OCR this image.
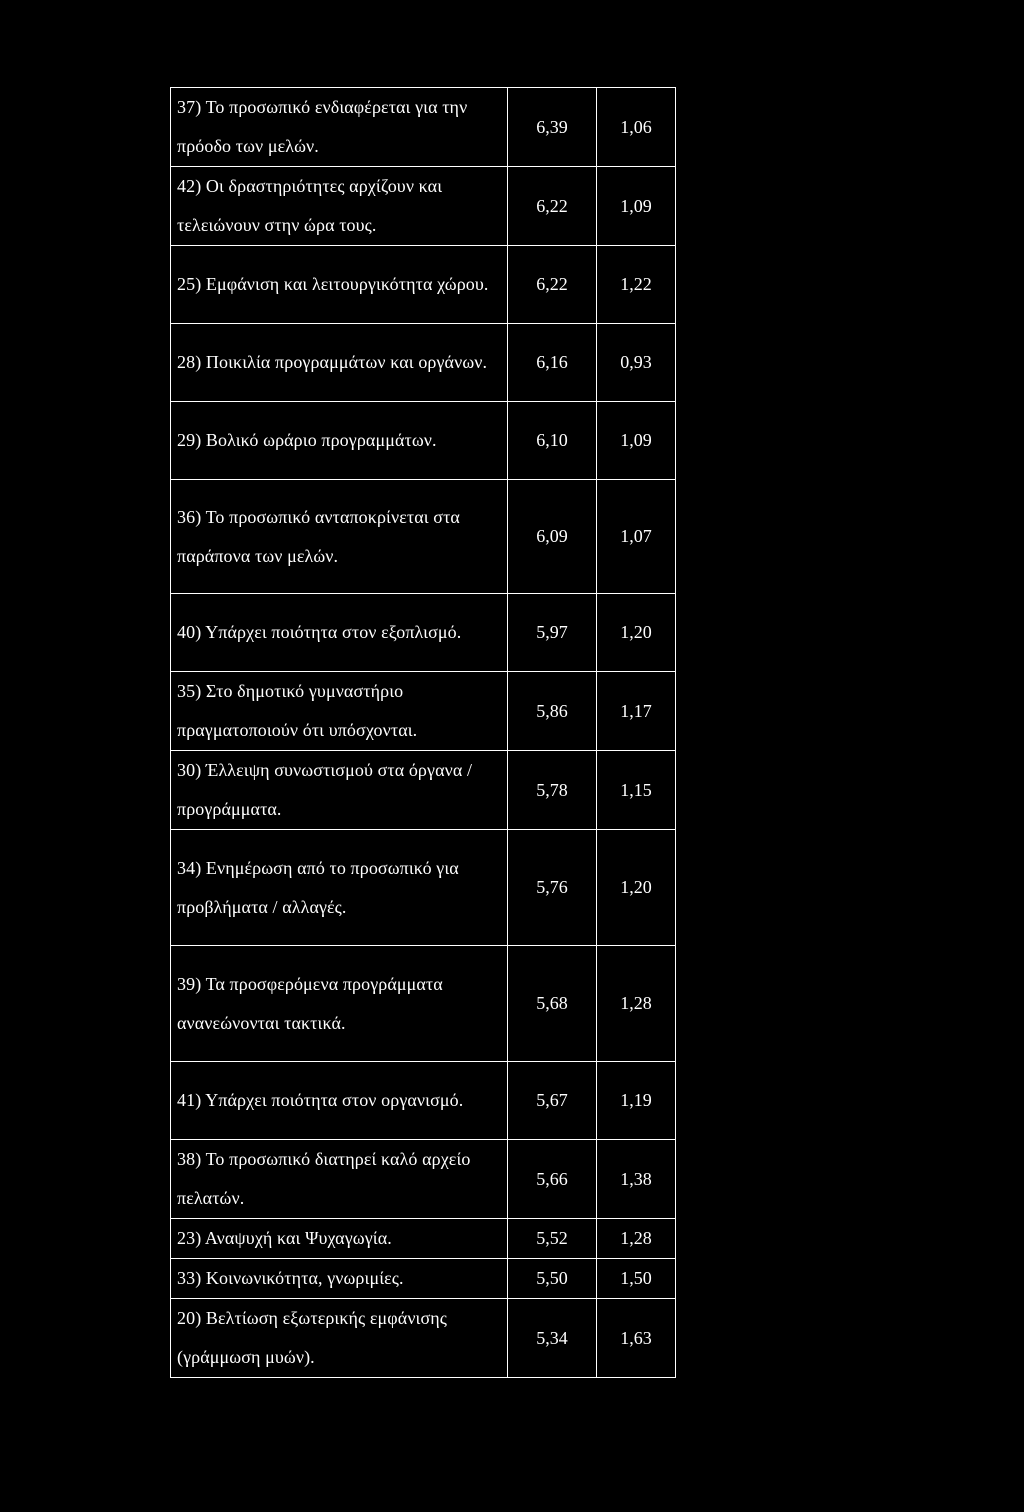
37) Το προσωπικό ενδιαφέρεται για την πρόοδο των μελών.	6,39	1,06
42) Οι δραστηριότητες αρχίζουν και τελειώνουν στην ώρα τους.	6,22	1,09
25) Εμφάνιση και λειτουργικότητα χώρου.	6,22	1,22
28) Ποικιλία προγραμμάτων και οργάνων.	6,16	0,93
29) Βολικό ωράριο προγραμμάτων.	6,10	1,09
36) Το προσωπικό ανταποκρίνεται στα παράπονα των μελών.	6,09	1,07
40) Υπάρχει ποιότητα στον εξοπλισμό.	5,97	1,20
35) Στο δημοτικό γυμναστήριο πραγματοποιούν ότι υπόσχονται.	5,86	1,17
30) Έλλειψη συνωστισμού στα όργανα / προγράμματα.	5,78	1,15
34) Ενημέρωση από το προσωπικό για προβλήματα / αλλαγές.	5,76	1,20
39) Τα προσφερόμενα προγράμματα ανανεώνονται τακτικά.	5,68	1,28
41) Υπάρχει ποιότητα στον οργανισμό.	5,67	1,19
38) Το προσωπικό διατηρεί καλό αρχείο πελατών.	5,66	1,38
23) Αναψυχή και Ψυχαγωγία.	5,52	1,28
33) Κοινωνικότητα, γνωριμίες.	5,50	1,50
20) Βελτίωση εξωτερικής εμφάνισης (γράμμωση μυών).	5,34	1,63
